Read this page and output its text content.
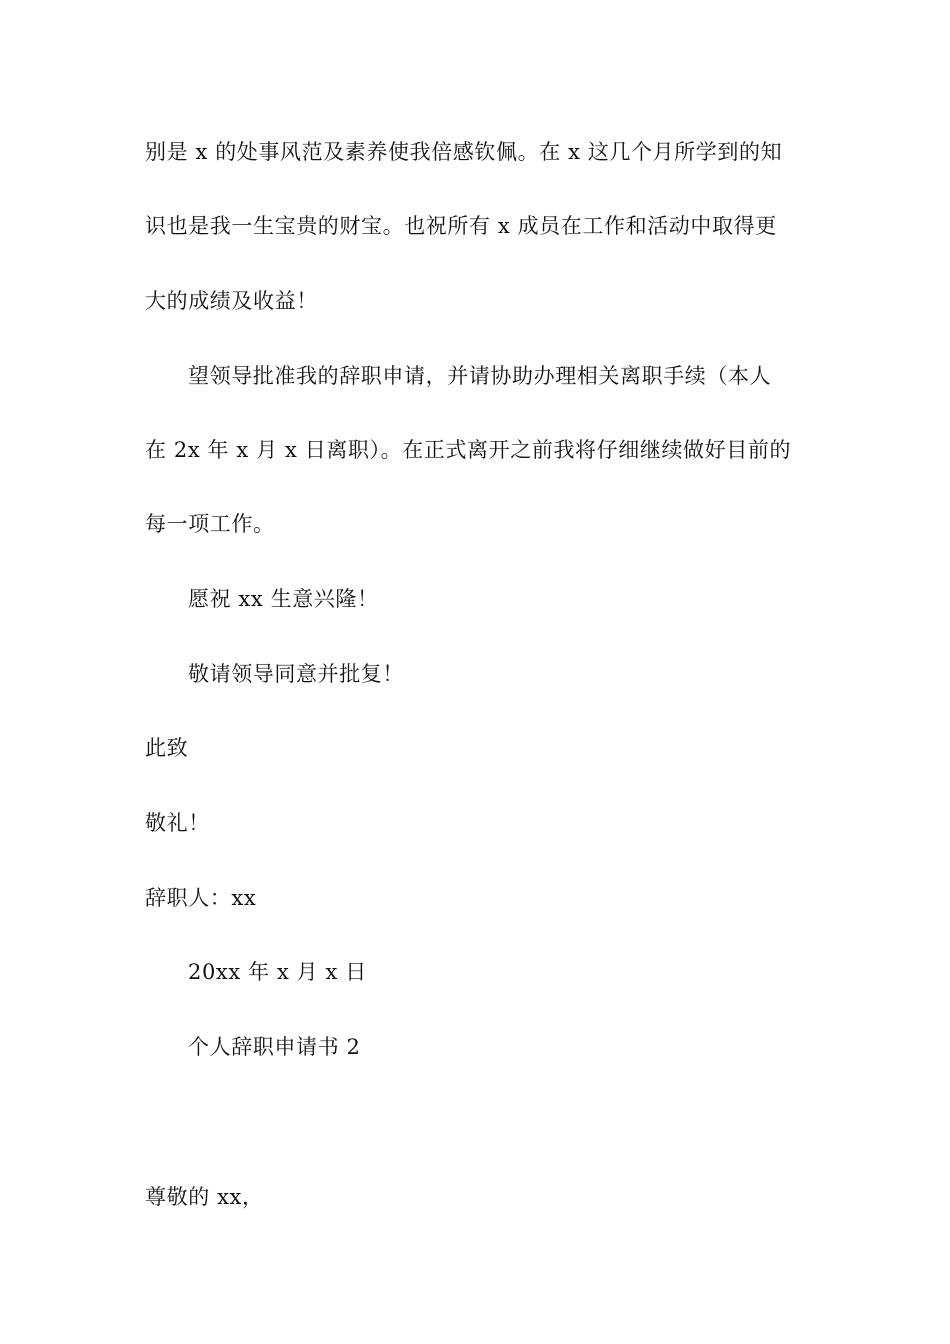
别是 x 的处事风范及素养使我倍感钦佩。在 x 这几个月所学到的知
识也是我一生宝贵的财宝。也祝所有 x 成员在工作和活动中取得更
大的成绩及收益！
望领导批准我的辞职申请，并请协助办理相关离职手续（本人
在 2x 年 x 月 x 日离职）。在正式离开之前我将仔细继续做好目前的
每一项工作。
愿祝 xx 生意兴隆！
敬请领导同意并批复！
此致
敬礼！
辞职人：xx
20xx 年 x 月 x 日
个人辞职申请书 2
尊敬的 xx，
